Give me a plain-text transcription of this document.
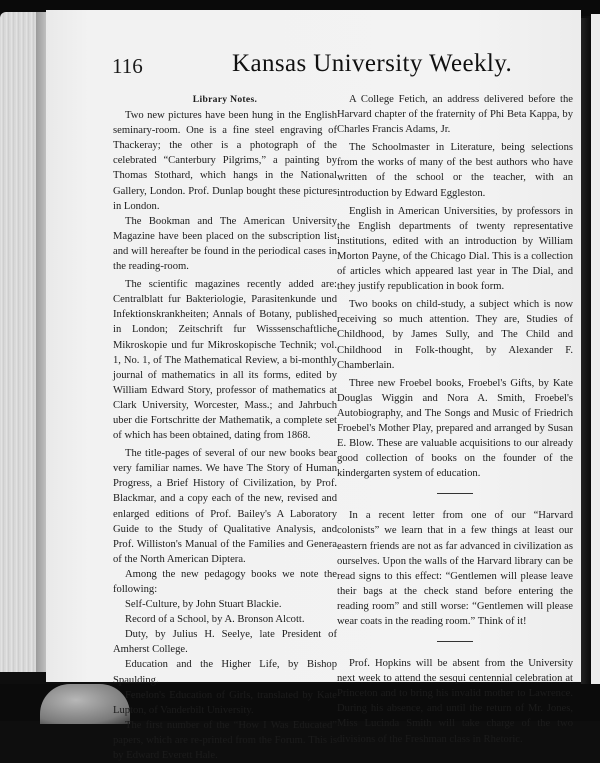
116	Kansas University Weekly.
Library Notes.

Two new pictures have been hung in the English seminary-room. One is a fine steel engraving of Thackeray; the other is a photograph of the celebrated “Canterbury Pilgrims,” a painting by Thomas Stothard, which hangs in the National Gallery, London. Prof. Dunlap bought these pictures in London.

The Bookman and The American University Magazine have been placed on the subscription list and will hereafter be found in the periodical cases in the reading-room.

The scientific magazines recently added are: Centralblatt fur Bakteriologie, Parasitenkunde und Infektionskrankheiten; Annals of Botany, published in London; Zeitschrift fur Wisssenschaftliche Mikroskopie und fur Mikroskopische Technik; vol. 1, No. 1, of The Mathematical Review, a bi-monthly journal of mathematics in all its forms, edited by William Edward Story, professor of mathematics at Clark University, Worcester, Mass.; and Jahrbuch uber die Fortschritte der Mathematik, a complete set of which has been obtained, dating from 1868.

The title-pages of several of our new books bear very familiar names. We have The Story of Human Progress, a Brief History of Civilization, by Prof. Blackmar, and a copy each of the new, revised and enlarged editions of Prof. Bailey's A Laboratory Guide to the Study of Qualitative Analysis, and Prof. Williston's Manual of the Families and Genera of the North American Diptera.

Among the new pedagogy books we note the following:

Self-Culture, by John Stuart Blackie.

Record of a School, by A. Bronson Alcott.

Duty, by Julius H. Seelye, late President of Amherst College.

Education and the Higher Life, by Bishop Spaulding.

Fenelon's Education of Girls, translated by Kate Lupton, of Vanderbilt University.

The first number of the “How I Was Educated” papers, which are re-printed from the Forum. This is by Edward Everett Hale.

A College Fetich, an address delivered before the Harvard chapter of the fraternity of Phi Beta Kappa, by Charles Francis Adams, Jr.

The Schoolmaster in Literature, being selections from the works of many of the best authors who have written of the school or the teacher, with an introduction by Edward Eggleston.

English in American Universities, by professors in the English departments of twenty representative institutions, edited with an introduction by William Morton Payne, of the Chicago Dial. This is a collection of articles which appeared last year in The Dial, and they justify republication in book form.

Two books on child-study, a subject which is now receiving so much attention. They are, Studies of Childhood, by James Sully, and The Child and Childhood in Folk-thought, by Alexander F. Chamberlain.

Three new Froebel books, Froebel's Gifts, by Kate Douglas Wiggin and Nora A. Smith, Froebel's Autobiography, and The Songs and Music of Friedrich Froebel's Mother Play, prepared and arranged by Susan E. Blow. These are valuable acquisitions to our already good collection of books on the founder of the kindergarten system of education.

In a recent letter from one of our “Harvard colonists” we learn that in a few things at least our eastern friends are not as far advanced in civilization as ourselves. Upon the walls of the Harvard library can be read signs to this effect: “Gentlemen will please leave their bags at the check stand before entering the reading room” and still worse: “Gentlemen will please wear coats in the reading room.” Think of it!

Prof. Hopkins will be absent from the University next week to attend the sesqui centennial celebration at Princeton and to bring his invalid mother to Lawrence. During his absence, and until the return of Mr. Jones, Miss Lucinda Smith will take charge of the two divisions of the Freshman class in Rhetoric.
